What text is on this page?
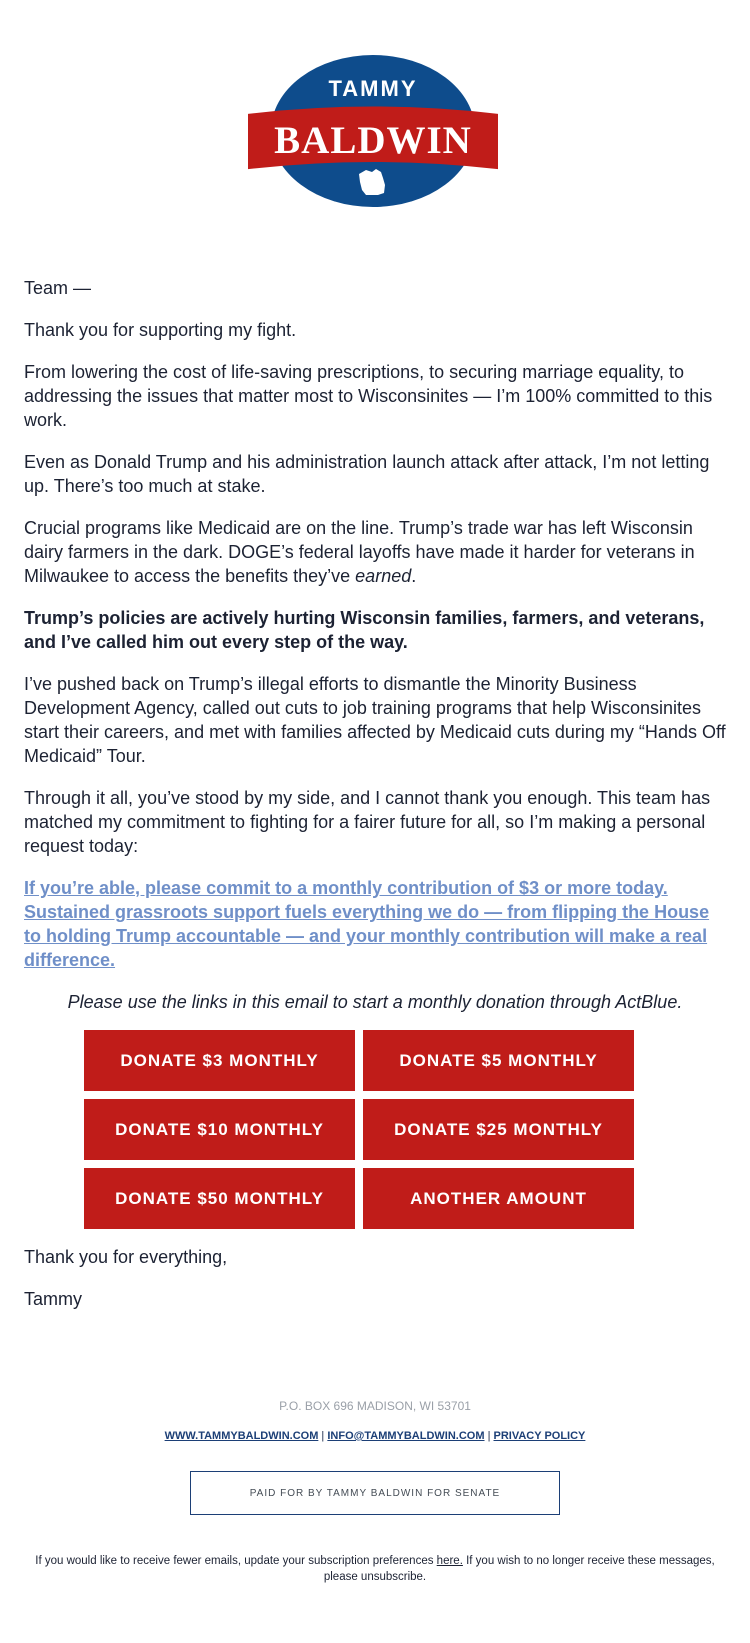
TAMMY
BALDWIN

Team —

Thank you for supporting my fight.

From lowering the cost of life-saving prescriptions, to securing marriage equality, to addressing the issues that matter most to Wisconsinites — I’m 100% committed to this work.

Even as Donald Trump and his administration launch attack after attack, I’m not letting up. There’s too much at stake.

Crucial programs like Medicaid are on the line. Trump’s trade war has left Wisconsin dairy farmers in the dark. DOGE’s federal layoffs have made it harder for veterans in Milwaukee to access the benefits they’ve earned.

Trump’s policies are actively hurting Wisconsin families, farmers, and veterans, and I’ve called him out every step of the way.

I’ve pushed back on Trump’s illegal efforts to dismantle the Minority Business Development Agency, called out cuts to job training programs that help Wisconsinites start their careers, and met with families affected by Medicaid cuts during my “Hands Off Medicaid” Tour.

Through it all, you’ve stood by my side, and I cannot thank you enough. This team has matched my commitment to fighting for a fairer future for all, so I’m making a personal request today:

If you’re able, please commit to a monthly contribution of $3 or more today. Sustained grassroots support fuels everything we do — from flipping the House to holding Trump accountable — and your monthly contribution will make a real difference.

Please use the links in this email to start a monthly donation through ActBlue.

DONATE $3 MONTHLY	DONATE $5 MONTHLY
DONATE $10 MONTHLY	DONATE $25 MONTHLY
DONATE $50 MONTHLY	ANOTHER AMOUNT

Thank you for everything,

Tammy

P.O. BOX 696 MADISON, WI 53701

WWW.TAMMYBALDWIN.COM | INFO@TAMMYBALDWIN.COM | PRIVACY POLICY

PAID FOR BY TAMMY BALDWIN FOR SENATE

If you would like to receive fewer emails, update your subscription preferences here. If you wish to no longer receive these messages, please unsubscribe.
